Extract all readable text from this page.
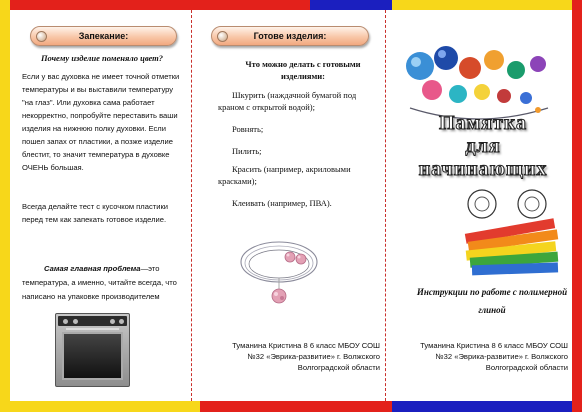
Запекание:
Почему изделие поменяло цвет?
Если у вас духовка не имеет точной отметки температуры и вы выставили температуру "на глаз". Или духовка сама работает некорректно, попробуйте переставить ваши изделия на нижнюю полку духовки. Если пошел запах от пластики, а позже изделие блестит, то значит температура в духовке ОЧЕНЬ большая.
Всегда делайте тест с кусочком пластики перед тем как запекать готовое изделие.
Самая главная проблема—это температура, а именно, читайте всегда, что написано на упаковке производителем
Готове изделия:
Что можно делать с готовыми изделиями:
Шкурить (наждачной бумагой под краном с открытой водой);
Ровнять;
Пилить;
Красить (например, акриловыми красками);
Клеивать (например, ПВА).
Туманина Кристина 8 6 класс МБОУ СОШ №32 «Эврика-развитие» г. Волжского Волгоградской области
Памятка
для
начинающих
Инструкции по работе с полимерной глиной
Туманина Кристина 8 6 класс МБОУ СОШ №32 «Эврика-развитие» г. Волжского Волгоградской области
